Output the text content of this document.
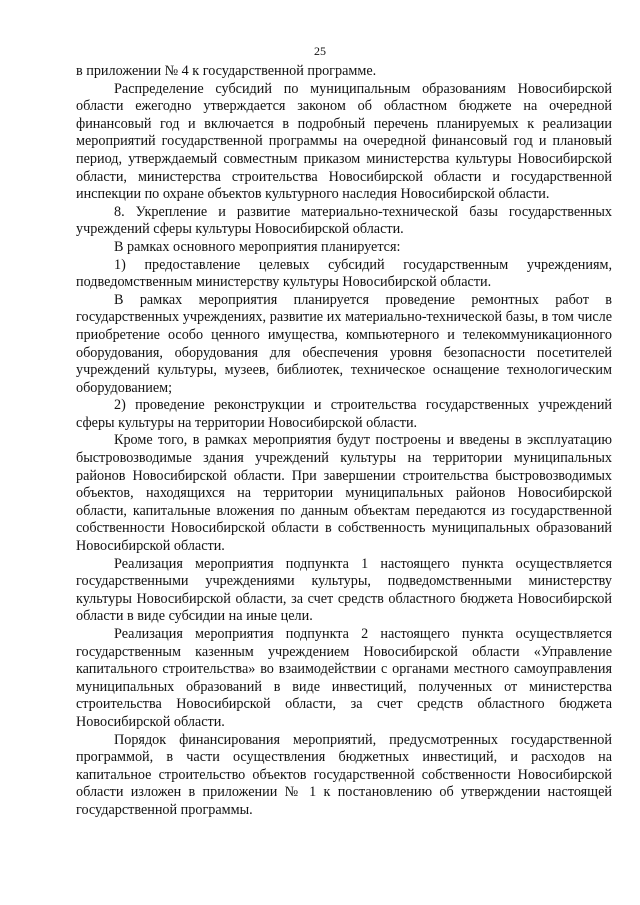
25

в приложении № 4 к государственной программе.

Распределение субсидий по муниципальным образованиям Новосибирской области ежегодно утверждается законом об областном бюджете на очередной финансовый год и включается в подробный перечень планируемых к реализации мероприятий государственной программы на очередной финансовый год и плановый период, утверждаемый совместным приказом министерства культуры Новосибирской области, министерства строительства Новосибирской области и государственной инспекции по охране объектов культурного наследия Новосибирской области.

8. Укрепление и развитие материально-технической базы государственных учреждений сферы культуры Новосибирской области.

В рамках основного мероприятия планируется:

1) предоставление целевых субсидий государственным учреждениям, подведомственным министерству культуры Новосибирской области.

В рамках мероприятия планируется проведение ремонтных работ в государственных учреждениях, развитие их материально-технической базы, в том числе приобретение особо ценного имущества, компьютерного и телекоммуникационного оборудования, оборудования для обеспечения уровня безопасности посетителей учреждений культуры, музеев, библиотек, техническое оснащение технологическим оборудованием;

2) проведение реконструкции и строительства государственных учреждений сферы культуры на территории Новосибирской области.

Кроме того, в рамках мероприятия будут построены и введены в эксплуатацию быстровозводимые здания учреждений культуры на территории муниципальных районов Новосибирской области. При завершении строительства быстровозводимых объектов, находящихся на территории муниципальных районов Новосибирской области, капитальные вложения по данным объектам передаются из государственной собственности Новосибирской области в собственность муниципальных образований Новосибирской области.

Реализация мероприятия подпункта 1 настоящего пункта осуществляется государственными учреждениями культуры, подведомственными министерству культуры Новосибирской области, за счет средств областного бюджета Новосибирской области в виде субсидии на иные цели.

Реализация мероприятия подпункта 2 настоящего пункта осуществляется государственным казенным учреждением Новосибирской области «Управление капитального строительства» во взаимодействии с органами местного самоуправления муниципальных образований в виде инвестиций, полученных от министерства строительства Новосибирской области, за счет средств областного бюджета Новосибирской области.

Порядок финансирования мероприятий, предусмотренных государственной программой, в части осуществления бюджетных инвестиций, и расходов на капитальное строительство объектов государственной собственности Новосибирской области изложен в приложении № 1 к постановлению об утверждении настоящей государственной программы.
